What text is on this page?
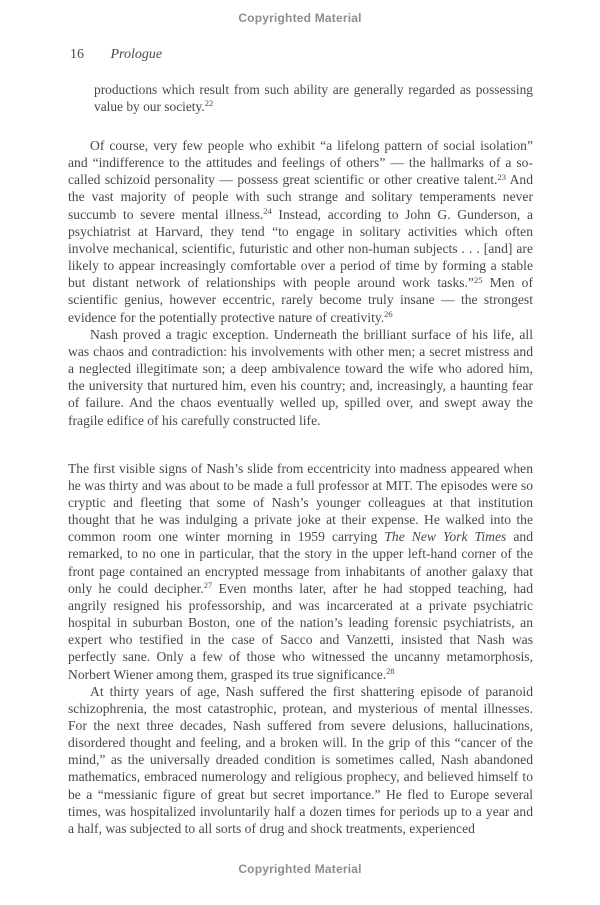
Copyrighted Material
16 Prologue
productions which result from such ability are generally regarded as possessing value by our society.$^{22}$

Of course, very few people who exhibit “a lifelong pattern of social isolation” and “indifference to the attitudes and feelings of others” — the hallmarks of a so-called schizoid personality — possess great scientific or other creative talent.$^{23}$ And the vast majority of people with such strange and solitary temperaments never succumb to severe mental illness.$^{24}$ Instead, according to John G. Gunderson, a psychiatrist at Harvard, they tend “to engage in solitary activities which often involve mechanical, scientific, futuristic and other non-human subjects . . . [and] are likely to appear increasingly comfortable over a period of time by forming a stable but distant network of relationships with people around work tasks.”$^{25}$ Men of scientific genius, however eccentric, rarely become truly insane — the strongest evidence for the potentially protective nature of creativity.$^{26}$

Nash proved a tragic exception. Underneath the brilliant surface of his life, all was chaos and contradiction: his involvements with other men; a secret mistress and a neglected illegitimate son; a deep ambivalence toward the wife who adored him, the university that nurtured him, even his country; and, increasingly, a haunting fear of failure. And the chaos eventually welled up, spilled over, and swept away the fragile edifice of his carefully constructed life.

The first visible signs of Nash’s slide from eccentricity into madness appeared when he was thirty and was about to be made a full professor at MIT. The episodes were so cryptic and fleeting that some of Nash’s younger colleagues at that institution thought that he was indulging a private joke at their expense. He walked into the common room one winter morning in 1959 carrying The New York Times and remarked, to no one in particular, that the story in the upper left-hand corner of the front page contained an encrypted message from inhabitants of another galaxy that only he could decipher.$^{27}$ Even months later, after he had stopped teaching, had angrily resigned his professorship, and was incarcerated at a private psychiatric hospital in suburban Boston, one of the nation’s leading forensic psychiatrists, an expert who testified in the case of Sacco and Vanzetti, insisted that Nash was perfectly sane. Only a few of those who witnessed the uncanny metamorphosis, Norbert Wiener among them, grasped its true significance.$^{28}$

At thirty years of age, Nash suffered the first shattering episode of paranoid schizophrenia, the most catastrophic, protean, and mysterious of mental illnesses. For the next three decades, Nash suffered from severe delusions, hallucinations, disordered thought and feeling, and a broken will. In the grip of this “cancer of the mind,” as the universally dreaded condition is sometimes called, Nash abandoned mathematics, embraced numerology and religious prophecy, and believed himself to be a “messianic figure of great but secret importance.” He fled to Europe several times, was hospitalized involuntarily half a dozen times for periods up to a year and a half, was subjected to all sorts of drug and shock treatments, experienced

Copyrighted Material
